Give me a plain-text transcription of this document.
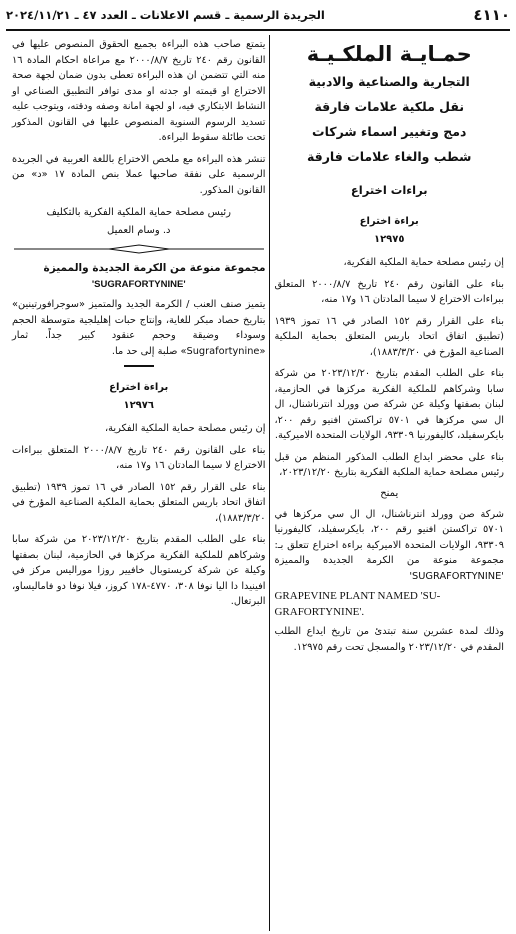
٤١١٠
الجريدة الرسمية ـ قسم الاعلانات ـ العدد ٤٧ ـ ٢٠٢٤/١١/٢١
حمـايـة الملكـيـة
التجارية والصناعية والادبية
نقل ملكية علامات فارقة
دمج وتغيير اسماء شركات
شطب والغاء علامات فارقة
براءات اختراع
براءة اختراع
١٢٩٧٥

إن رئيس مصلحة حماية الملكية الفكرية،

بناء على القانون رقم ٢٤٠ تاريخ ٢٠٠٠/٨/٧ المتعلق ببراءات الاختراع لا سيما المادتان ١٦ و١٧ منه،

بناء على القرار رقم ١٥٢ الصادر في ١٦ تموز ١٩٣٩ (تطبيق اتفاق اتحاد باريس المتعلق بحماية الملكية الصناعية المؤرخ في ١٨٨٣/٣/٢٠)،

بناء على الطلب المقدم بتاريخ ٢٠٢٣/١٢/٢٠ من شركة سابا وشركاهم للملكية الفكرية مركزها في الحازمية، لبنان بصفتها وكيلة عن شركة صن وورلد انترناشنال، ال ال سي مركزها في ٥٧٠١ تراكستن افنيو رقم ٢٠٠، بايكرسفيلد، كاليفورنيا ٩٣٣٠٩، الولايات المتحدة الاميركية.

بناء على محضر ايداع الطلب المذكور المنظم من قبل رئيس مصلحة حماية الملكية الفكرية بتاريخ ٢٠٢٣/١٢/٢٠،

يمنح

شركة صن وورلد انترناشنال، ال ال سي مركزها في ٥٧٠١ تراكستن افنيو رقم ٢٠٠، بايكرسفيلد، كاليفورنيا ٩٣٣٠٩، الولايات المتحدة الاميركية براءة اختراع تتعلق بـ: مجموعة منوعة من الكرمة الجديدة والمميزة 'SUGRAFORTYNINE'

GRAPEVINE PLANT NAMED 'SU-GRAFORTYNINE'.

وذلك لمدة عشرين سنة تبتدئ من تاريخ ايداع الطلب المقدم في ٢٠٢٣/١٢/٢٠ والمسجل تحت رقم ١٢٩٧٥.

يتمتع صاحب هذه البراءة بجميع الحقوق المنصوص عليها في القانون رقم ٢٤٠ تاريخ ٢٠٠٠/٨/٧ مع مراعاة احكام المادة ١٦ منه التي تتضمن ان هذه البراءة تعطى بدون ضمان لجهة صحة الاختراع او قيمته او جدته او مدى توافر التطبيق الصناعي او النشاط الابتكاري فيه، او لجهة امانة وصفه ودقته، ويتوجب عليه تسديد الرسوم السنوية المنصوص عليها في القانون المذكور تحت طائلة سقوط البراءة.

تنشر هذه البراءة مع ملخص الاختراع باللغة العربية في الجريدة الرسمية على نفقة صاحبها عملا بنص المادة ١٧ «د» من القانون المذكور.

رئيس مصلحة حماية الملكية الفكرية بالتكليف
د. وسام العميل
مجموعة منوعة من الكرمة الجديدة والمميزة
'SUGRAFORTYNINE'

يتميز صنف العنب / الكرمة الجديد والمتميز «سوجرافورتينين» بتاريخ حصاد مبكر للغاية، وإنتاج حبات إهليلجية متوسطة الحجم وسوداء وضيقة وحجم عنقود كبير جداً. ثمار «Sugrafortynine» صلبة إلى حد ما.

براءة اختراع
١٢٩٧٦

إن رئيس مصلحة حماية الملكية الفكرية،

بناء على القانون رقم ٢٤٠ تاريخ ٢٠٠٠/٨/٧ المتعلق ببراءات الاختراع لا سيما المادتان ١٦ و١٧ منه،

بناء على القرار رقم ١٥٢ الصادر في ١٦ تموز ١٩٣٩ (تطبيق اتفاق اتحاد باريس المتعلق بحماية الملكية الصناعية المؤرخ في ١٨٨٣/٣/٢٠)،

بناء على الطلب المقدم بتاريخ ٢٠٢٣/١٢/٢٠ من شركة سابا وشركاهم للملكية الفكرية مركزها في الحازمية، لبنان بصفتها وكيلة عن شركة كريستوبال خافيير روزا موراليس مركز في افينيدا دا اليا نوفا ٣٠٨، ٤٧٧٠-١٧٨ كروز، فيلا نوفا دو فاماليساو، البرتغال.
